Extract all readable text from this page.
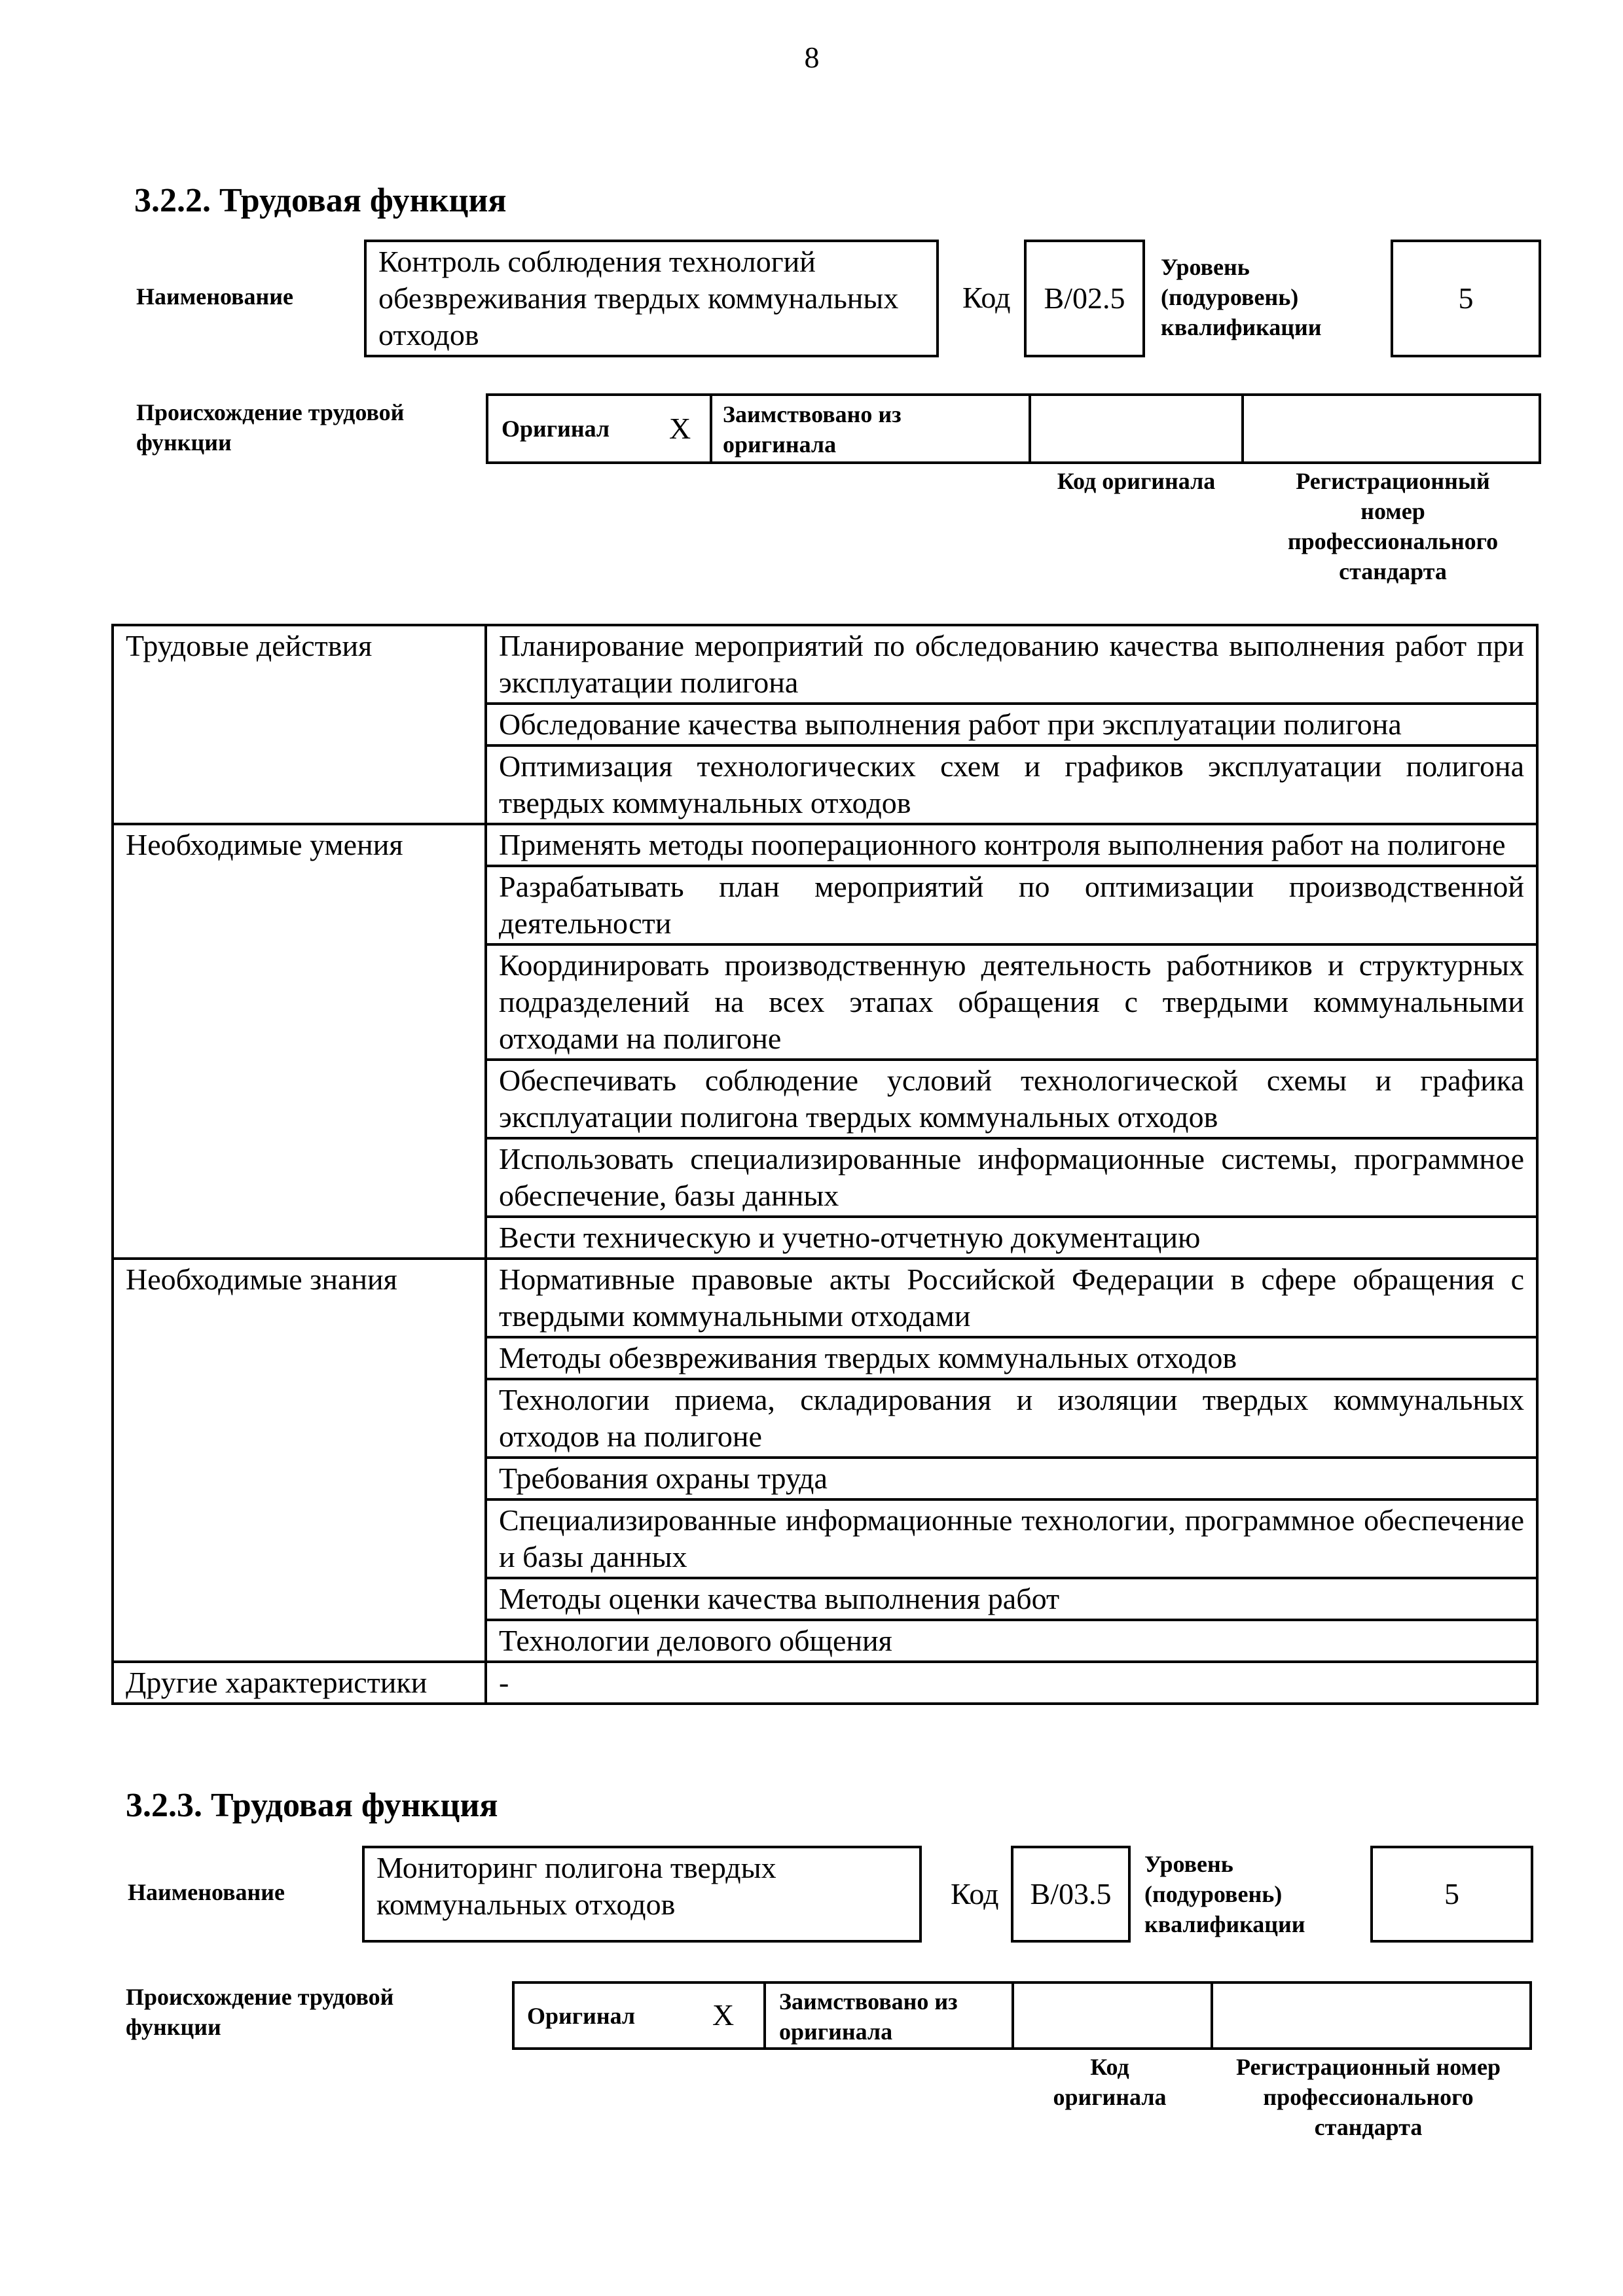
8
3.2.2. Трудовая функция
Наименование
Контроль соблюдения технологий обезвреживания твердых коммунальных отходов
Код B/02.5
Уровень (подуровень) квалификации
5
Происхождение трудовой функции
Оригинал X Заимствовано из оригинала
Код оригинала	Регистрационный номер профессионального стандарта
Трудовые действия	Планирование мероприятий по обследованию качества выполнения работ при эксплуатации полигона
	Обследование качества выполнения работ при эксплуатации полигона
	Оптимизация технологических схем и графиков эксплуатации полигона твердых коммунальных отходов
Необходимые умения	Применять методы пооперационного контроля выполнения работ на полигоне
	Разрабатывать план мероприятий по оптимизации производственной деятельности
	Координировать производственную деятельность работников и структурных подразделений на всех этапах обращения с твердыми коммунальными отходами на полигоне
	Обеспечивать соблюдение условий технологической схемы и графика эксплуатации полигона твердых коммунальных отходов
	Использовать специализированные информационные системы, программное обеспечение, базы данных
	Вести техническую и учетно-отчетную документацию
Необходимые знания	Нормативные правовые акты Российской Федерации в сфере обращения с твердыми коммунальными отходами
	Методы обезвреживания твердых коммунальных отходов
	Технологии приема, складирования и изоляции твердых коммунальных отходов на полигоне
	Требования охраны труда
	Специализированные информационные технологии, программное обеспечение и базы данных
	Методы оценки качества выполнения работ
	Технологии делового общения
Другие характеристики	-
3.2.3. Трудовая функция
Наименование
Мониторинг полигона твердых коммунальных отходов	Код B/03.5
Уровень (подуровень) квалификации
5
Происхождение трудовой функции	Оригинал	X Заимствовано из оригинала
Код оригинала
Регистрационный номер профессионального стандарта
